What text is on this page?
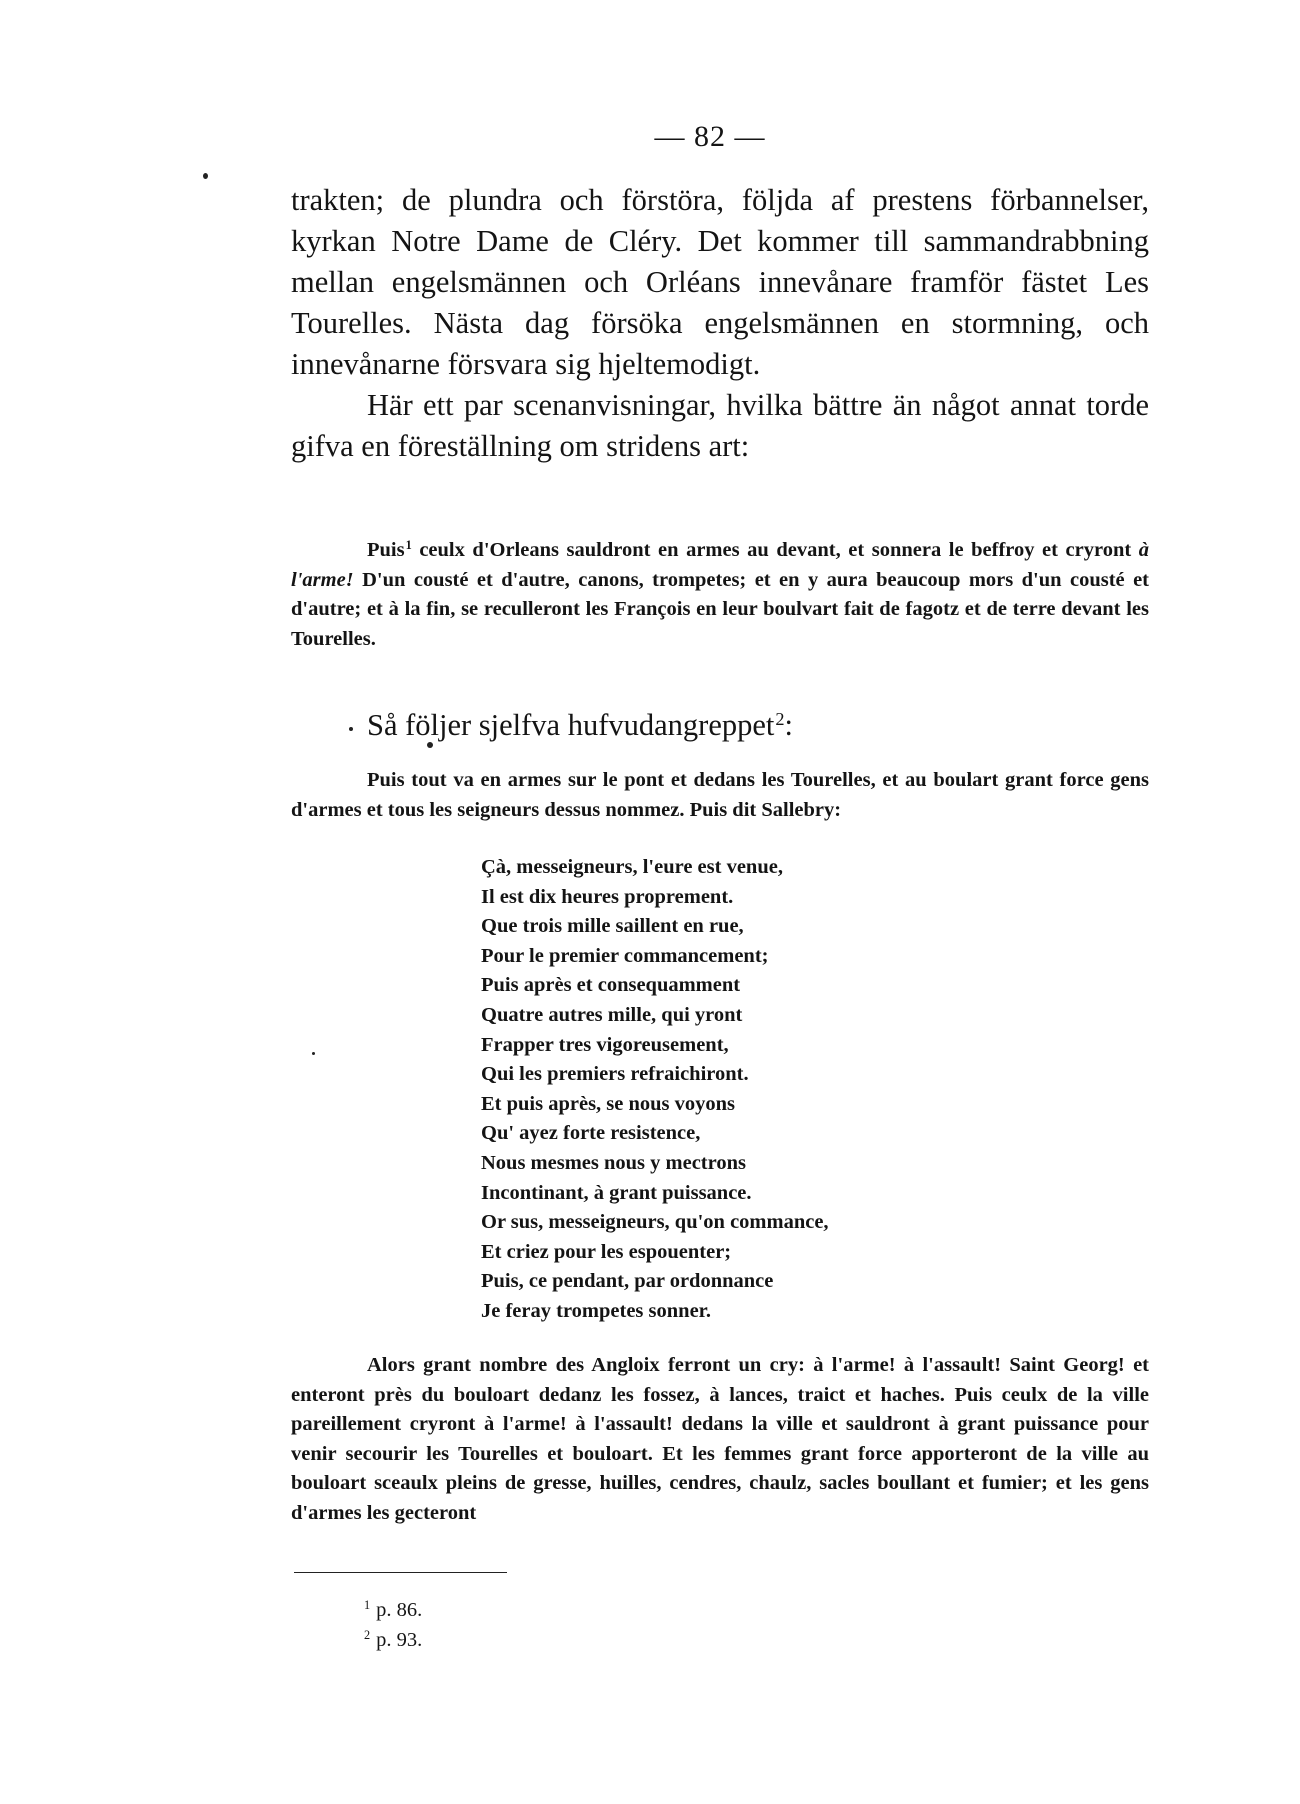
— 82 —

trakten; de plundra och förstöra, följda af prestens förbannelser, kyrkan Notre Dame de Cléry. Det kommer till sammandrabbning mellan engelsmännen och Orléans innevånare framför fästet Les Tourelles. Nästa dag försöka engelsmännen en stormning, och innevånarne försvara sig hjeltemodigt.

Här ett par scenanvisningar, hvilka bättre än något annat torde gifva en föreställning om stridens art:

Puis$^1$ ceulx d'Orleans sauldront en armes au devant, et sonnera le beffroy et cryront à l'arme! D'un cousté et d'autre, canons, trompetes; et en y aura beaucoup mors d'un cousté et d'autre; et à la fin, se reculleront les François en leur boulvart fait de fagotz et de terre devant les Tourelles.

Så följer sjelfva hufvudangreppet$^2$:

Puis tout va en armes sur le pont et dedans les Tourelles, et au boulart grant force gens d'armes et tous les seigneurs dessus nommez. Puis dit Sallebry:

Çà, messeigneurs, l'eure est venue,
Il est dix heures proprement.
Que trois mille saillent en rue,
Pour le premier commancement;
Puis après et consequamment
Quatre autres mille, qui yront
Frapper tres vigoreusement,
Qui les premiers refraichiront.
Et puis après, se nous voyons
Qu' ayez forte resistence,
Nous mesmes nous y mectrons
Incontinant, à grant puissance.
Or sus, messeigneurs, qu'on commance,
Et criez pour les espouenter;
Puis, ce pendant, par ordonnance
Je feray trompetes sonner.

Alors grant nombre des Angloix ferront un cry: à l'arme! à l'assault! Saint Georg! et enteront près du bouloart dedanz les fossez, à lances, traict et haches. Puis ceulx de la ville pareillement cryront à l'arme! à l'assault! dedans la ville et sauldront à grant puissance pour venir secourir les Tourelles et bouloart. Et les femmes grant force apporteront de la ville au bouloart sceaulx pleins de gresse, huilles, cendres, chaulz, sacles boullant et fumier; et les gens d'armes les gecteront

$^1$ p. 86.
$^2$ p. 93.
